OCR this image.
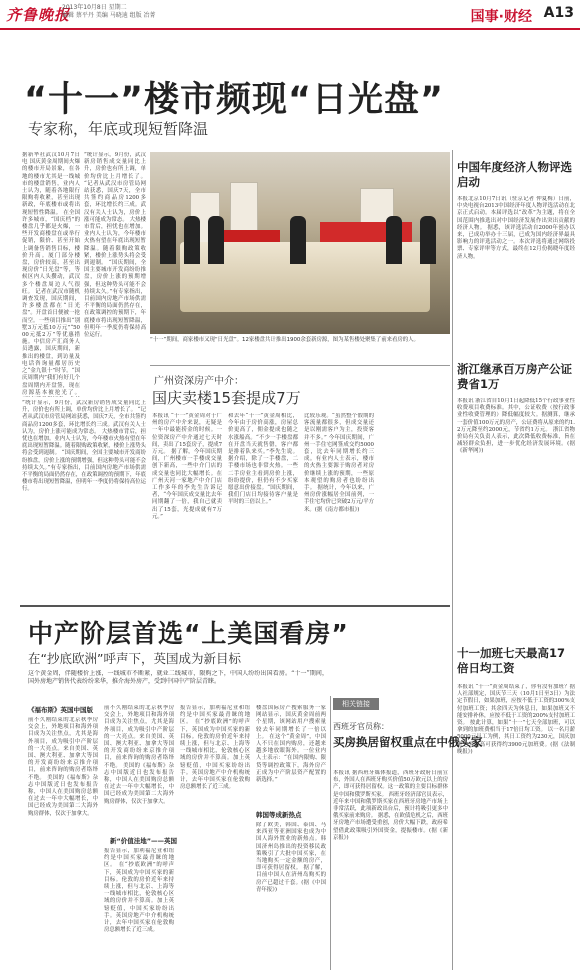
齐鲁晚报
2013年10月8日 星期二
编辑 蔡平丹 美编 马晓迪 组版 冶菁	国事·财经 A13
“十一”楼市频现“日光盘”
专家称，年底或现短暂降温
据新华社武汉10月7日电 国庆黄金周期间火爆的楼市开局景象，在各地的楼市尤其是一线城市的楼盘销售，业内人士认为，随着各地限行限购将收紧，甚至出现新政，年底楼市或将出现短暂性降温。 在全国许多城市，“国庆档”的楼盘几乎都是火爆，一些开发商楼盘在或举行促销，限价、甚至开始上调备售销售目标，楼价升高。厦门部分楼盘，房价较高，甚至出现房价“日光盘”等，等候区内人头攒动，武汉多个楼盘周边人气很旺。 记者在武汉市随机调查发现，国庆期间，许多楼盘都在“日光盘”。开盘首日便被一抢而空。一些项目推出“别墅3万元抵10万元”“5000元抵2万”等优惠措施。中信房产汇商务人员透露，国庆期间，新推出的楼盘，到访量及电话咨询量都居历史之“金九银十”时节。“国庆周期内”我们有好几个盘周期内开盘签，现在房源基本被抢光了。
”统计显示，9月份，武汉新房销售成交量同比上升，房价也有所上调，单价均价比上月增长了。 “记者从武汉市房管局网站获悉，国庆7天，全市共签约商品房1200多套，环比增长约三成。武汉有关人士认为，房价上涨可能成为常态。 大热楼市背后，担忧也在增加。业内人士认为，今年楼市火热有望在年底出现短暂降温。随着限购政策收紧，楼价上涨势头将会受到遏制。 “国庆期间，全国主要城市开发商纷纷推盘，房价上涨的预期增强，但这种势头可能不会持续太久。”有专家指出，目前国内房地产市场供需不平衡的局面仍然存在，在政策调控的预期下，年底楼市将出现短暂降温，但明年一季度仍将保持高位运行。
”统计显示，9月份，武汉新房销售成交量同比上升，房价也有所上调，单价均价比上月增长了。 “记者从武汉市房管局网站获悉，国庆7天，全市共签约商品房1200多套，环比增长约三成。武汉有关人士认为，房价上涨可能成为常态。 大热楼市背后，担忧也在增加。业内人士认为，今年楼市火热有望在年底出现短暂降温。随着限购政策收紧，楼价上涨势头将会受到遏制。 “国庆期间，全国主要城市开发商纷纷推盘，房价上涨的预期增强，但这种势头可能不会持续太久。”有专家指出，目前国内房地产市场供需不平衡的局面仍然存在，在政策调控的预期下，年底楼市将出现短暂降温，但明年一季度仍将保持高位运行。
“十一”期间，商家楼市又现“日光盘”。12家楼盘共计推出1900余套新房源，图为某售楼处聚集了前来看房的人。
广州资深房产中介：
国庆卖楼15套提成7万
本报讯 “十一”黄金周对于广州的房产中介来说，无疑是一年中最能捞金的时候。一位资深房产中介通过七天时间，卖出了15套房子，提成7万元。 据了解，今年国庆期间，广州楼市一手楼成交量创下新高，一些中介门店的成交量也同比大幅增长。在广州天河一家地产中介门店工作多年的李先生告诉记者，“今年国庆成交量比去年同期翻了一倍，我自己就卖出了15套，光提成就有7万元。”
和去年“十一”黄金周相比，今年由于房价高涨，房屋总价更高了，佣金提成也随之水涨船高。“不少一手楼盘都在开盘当天就售罄，客户都是排着队来买。”李先生说。 据介绍，除了一手楼盘，二手楼市场也非常火热。一些二手房业主看到房价上涨，纷纷提价，但仍有不少买家愿意出价接盘。“国庆期间，我们门店日均接待客户量是平时的三倍以上。”
比较乐观。“虽然整个假期的客流量都很多，但成交量还是以刚需客户为主，投资客并不多。” 今年国庆期间，广州一手住宅网签成交约5000套，比去年同期增长约三成。有业内人士表示，楼市的火热主要源于购房者对房价继续上涨的预期，一些原本观望的购房者也纷纷出手。 据统计，今年以来，广州房价涨幅居全国前列，一手住宅均价已突破2万元/平方米。(据《南方都市报》)
中国年度经济人物评选启动
本报北京10月7日讯（驻京记者 仲夏梅）日前，中央电视台2013中国经济年度人物评选活动在北京正式启动。本届评选以“改革”为主题，将在全国范围内推选出对中国经济发展作出突出贡献的经济人物。 据悉，该评选活动自2000年创办以来，已成功举办十三届，已成为国内经济界最具影响力的评选活动之一。本次评选将通过网络投票、专家评审等方式，最终在12月份揭晓年度经济人物。
浙江继承百万房产公证费省1万
本报讯 浙江省自10月1日起降低15个行政事业性收费项目收费标准。其中，公证收费（按行政事业性收费管理的）降低幅度较大。据测算，继承一套价值100万元的房产，公证费将从原来的约1.2万元降至约2000元，节省约1万元。 浙江省物价局有关负责人表示，此次降低收费标准，旨在减轻群众负担，进一步优化经济发展环境。(据《新华网》)
十一加班七天最高17倍日均工资
本报讯 “十一”黄金周结束了，你有没有加班？据人社部规定，国庆节三天（10月1日至3日）为法定节假日，如果加班，应按不低于工资的300%支付加班工资；其余四天为休息日，如果加班又不能安排补休，应按不低于工资的200%支付加班工资。 按此计算，如果“十一”七天全部加班，可以拿到的加班费相当于17倍日均工资。 以一名月薪5000元员工为例，其日工资约为230元，国庆加班七天最高可获得约3900元加班费。(据《法制晚报》)
中产阶层首选“上美国看房”
在“抄底欧洲”呼声下，英国成为新目标
这个黄金周，伴随楼价上涨，一线城市不断紧，就业二线城市，限购之下，中国人纷纷出国看房。“十一”期间，国外房地产销售代表纷纷来华，推介海外房产，受到中国中产阶层青睐。
《福布斯》英国中国版
前不久刚结束的北京秋季房交会上，外地项目和海外项目成为关注焦点，尤其是海外项目，成为吸引中产阶层的一大亮点。来自美国、英国、澳大利亚、加拿大等国的开发商纷纷来京推介项目，前来咨询的购房者络绎不绝。 美国的《福布斯》杂志中国版近日也发布报告称，中国人在美国购房总额在过去一年中大幅增长，中国已经成为美国第二大海外购房群体，仅次于加拿大。
前不久刚结束的北京秋季房交会上，外地项目和海外项目成为关注焦点，尤其是海外项目，成为吸引中产阶层的一大亮点。来自美国、英国、澳大利亚、加拿大等国的开发商纷纷来京推介项目，前来咨询的购房者络绎不绝。 美国的《福布斯》杂志中国版近日也发布报告称，中国人在美国购房总额在过去一年中大幅增长，中国已经成为美国第二大海外购房群体，仅次于加拿大。
新“价值洼地”——英国
报告显示，加利福尼亚和纽约是中国买家最青睐的地区。 在“抄底欧洲”的呼声下，英国成为中国买家的新目标。伦敦的房价近年来持续上涨，但与北京、上海等一线城市相比，伦敦核心区域的房价并不算高。加上英镑贬值，中国买家纷纷出手。英国房地产中介机构统计，去年中国买家在伦敦购房总额增长了近三成。
报告显示，加利福尼亚和纽约是中国买家最青睐的地区。 在“抄底欧洲”的呼声下，英国成为中国买家的新目标。伦敦的房价近年来持续上涨，但与北京、上海等一线城市相比，伦敦核心区域的房价并不算高。加上英镑贬值，中国买家纷纷出手。英国房地产中介机构统计，去年中国买家在伦敦购房总额增长了近三成。
楼盘国际房产搜索服务一家网站显示，国庆黄金周前两个星期，该网站用户搜索量较去年同期增长了一倍以上。 在这个“黄金周”，中国人不只在国内购房，还越来越多地放眼海外。一位业内人士表示：“在国内限购、限贷等调控政策下，海外房产正成为中产阶层资产配置的新选择。”
韩国等成新热点
除了欧美，韩国、泰国、马来西亚等亚洲国家也成为中国人海外置业的新热点。韩国济州岛推出的投资移民政策吸引了大批中国买家，在当地购买一定金额的房产，即可获得居留权。 据了解，目前中国人在济州岛购买的房产已超过千套。(据《中国青年报》)
相关链接
西班牙官员称：
买房换居留权重点在中俄买家
本报讯 据西班牙媒体报道，西班牙政府日前宣布，外国人在西班牙购买价值50万欧元以上的房产，即可获得居留权。这一政策的主要目标群体是中国和俄罗斯买家。 西班牙经济部官员表示，近年来中国和俄罗斯买家在西班牙房地产市场上非常活跃，此项新政出台后，预计将吸引更多中俄买家前来购房。 据悉，在欧债危机之后，西班牙房地产市场遭受重创，房价大幅下跌，政府希望借此政策吸引外国资金，提振楼市。(据《新京报》)
